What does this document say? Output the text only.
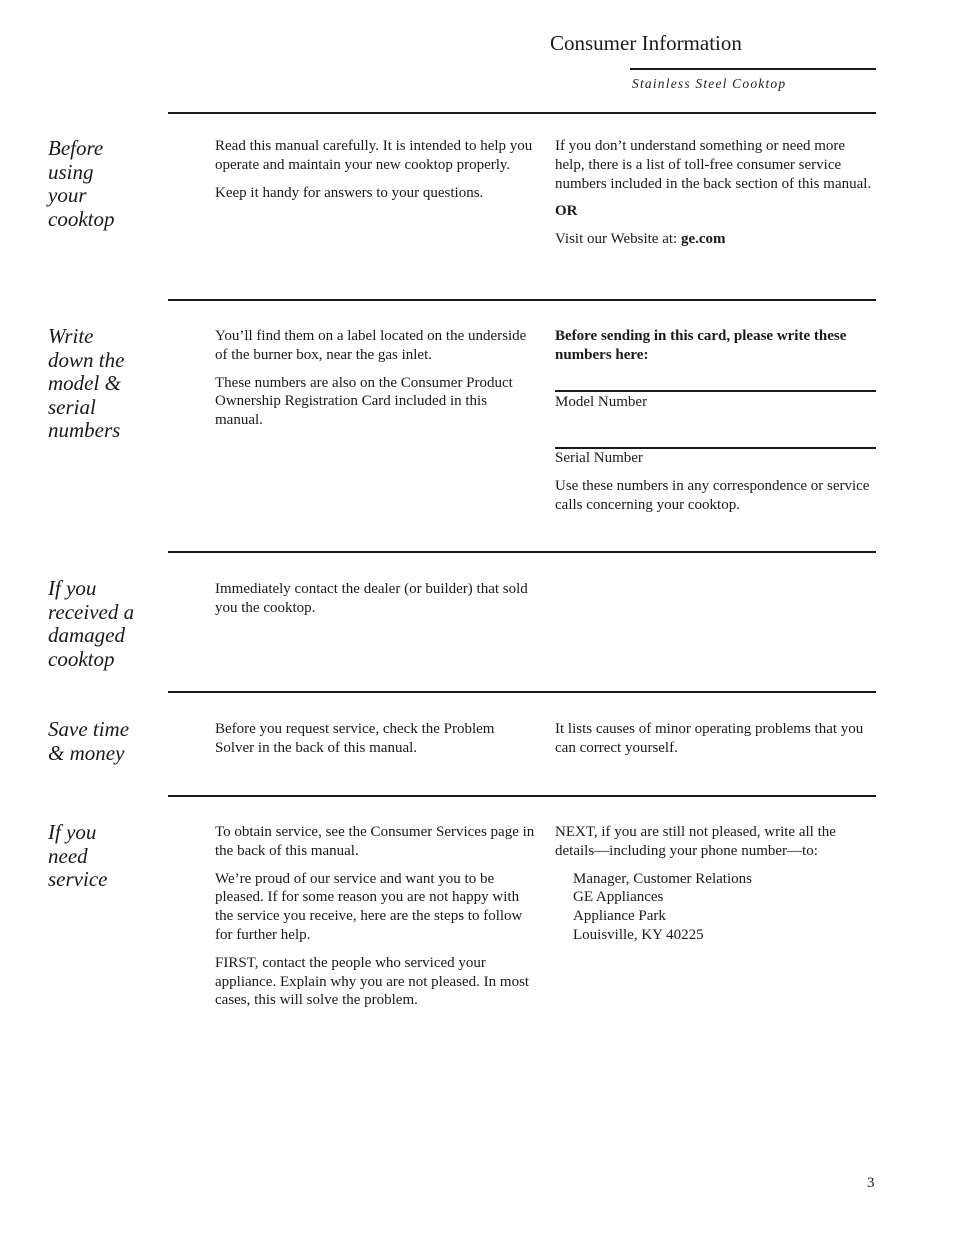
Consumer Information
Stainless Steel Cooktop
Before
using
your
cooktop

Read this manual carefully. It is intended to help you operate and maintain your new cooktop properly.

Keep it handy for answers to your questions.

If you don’t understand something or need more help, there is a list of toll-free consumer service numbers included in the back section of this manual.

OR

Visit our Website at: ge.com

Write
down the
model &
serial
numbers

You’ll find them on a label located on the underside of the burner box, near the gas inlet.

These numbers are also on the Consumer Product Ownership Registration Card included in this manual.

Before sending in this card, please write these numbers here:
Model Number
Serial Number
Use these numbers in any correspondence or service calls concerning your cooktop.
If you
received a
damaged
cooktop
Immediately contact the dealer (or builder) that sold you the cooktop.
Save time
& money
Before you request service, check the Problem Solver in the back of this manual.
It lists causes of minor operating problems that you can correct yourself.
If you
need
service

To obtain service, see the Consumer Services page in the back of this manual.

We’re proud of our service and want you to be pleased. If for some reason you are not happy with the service you receive, here are the steps to follow for further help.

FIRST, contact the people who serviced your appliance. Explain why you are not pleased. In most cases, this will solve the problem.

NEXT, if you are still not pleased, write all the details—including your phone number—to:

Manager, Customer Relations
GE Appliances
Appliance Park
Louisville, KY 40225
3
